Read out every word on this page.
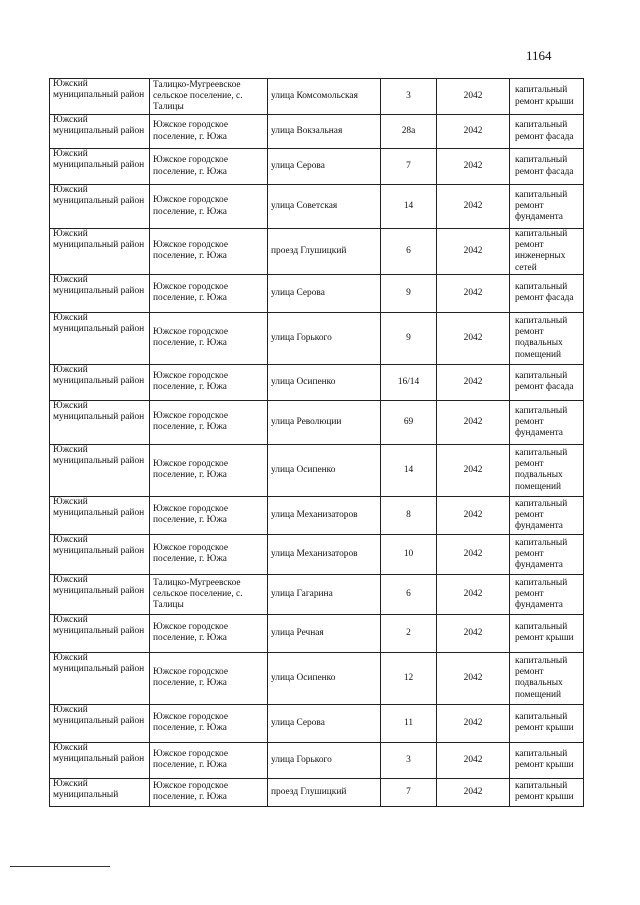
1164
Южский муниципальный район	Талицко-Мугреевское сельское поселение, с. Талицы	улица Комсомольская	3	2042	капитальный ремонт крыши
Южский муниципальный район	Южское городское поселение, г. Южа	улица Вокзальная	28а	2042	капитальный ремонт фасада
Южский муниципальный район	Южское городское поселение, г. Южа	улица Серова	7	2042	капитальный ремонт фасада
Южский муниципальный район	Южское городское поселение, г. Южа	улица Советская	14	2042	капитальный ремонт фундамента
Южский муниципальный район	Южское городское поселение, г. Южа	проезд Глушицкий	6	2042	капитальный ремонт инженерных сетей
Южский муниципальный район	Южское городское поселение, г. Южа	улица Серова	9	2042	капитальный ремонт фасада
Южский муниципальный район	Южское городское поселение, г. Южа	улица Горького	9	2042	капитальный ремонт подвальных помещений
Южский муниципальный район	Южское городское поселение, г. Южа	улица Осипенко	16/14	2042	капитальный ремонт фасада
Южский муниципальный район	Южское городское поселение, г. Южа	улица Революции	69	2042	капитальный ремонт фундамента
Южский муниципальный район	Южское городское поселение, г. Южа	улица Осипенко	14	2042	капитальный ремонт подвальных помещений
Южский муниципальный район	Южское городское поселение, г. Южа	улица Механизаторов	8	2042	капитальный ремонт фундамента
Южский муниципальный район	Южское городское поселение, г. Южа	улица Механизаторов	10	2042	капитальный ремонт фундамента
Южский муниципальный район	Талицко-Мугреевское сельское поселение, с. Талицы	улица Гагарина	6	2042	капитальный ремонт фундамента
Южский муниципальный район	Южское городское поселение, г. Южа	улица Речная	2	2042	капитальный ремонт крыши
Южский муниципальный район	Южское городское поселение, г. Южа	улица Осипенко	12	2042	капитальный ремонт подвальных помещений
Южский муниципальный район	Южское городское поселение, г. Южа	улица Серова	11	2042	капитальный ремонт крыши
Южский муниципальный район	Южское городское поселение, г. Южа	улица Горького	3	2042	капитальный ремонт крыши
Южский муниципальный	Южское городское поселение, г. Южа	проезд Глушицкий	7	2042	капитальный ремонт крыши
